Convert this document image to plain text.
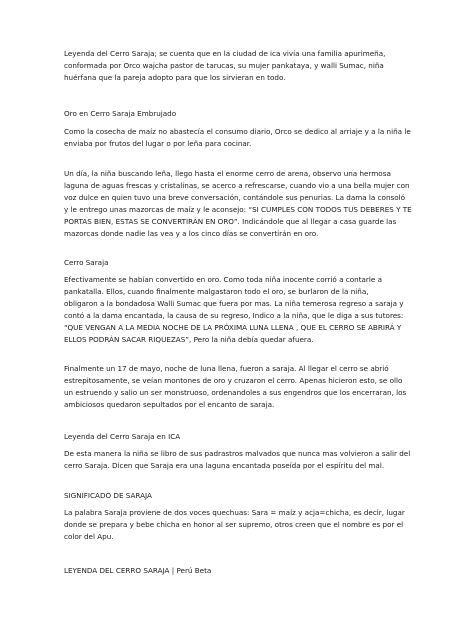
Leyenda del Cerro Saraja; se cuenta que en la ciudad de ica vivía una familia apurimeña,
conformada por Orco wajcha pastor de tarucas, su mujer pankataya, y walli Sumac, niña
huérfana que la pareja adopto para que los sirvieran en todo.

Oro en Cerro Saraja Embrujado

Como la cosecha de maíz no abastecía el consumo diario, Orco se dedico al arriaje y a la niña le
enviaba por frutos del lugar o por leña para cocinar.

Un día, la niña buscando leña, llego hasta el enorme cerro de arena, observo una hermosa
laguna de aguas frescas y cristalinas, se acerco a refrescarse, cuando vio a una bella mujer con
voz dulce en quien tuvo una breve conversación, contándole sus penurias. La dama la consoló
y le entrego unas mazorcas de maíz y le aconsejo: “SI CUMPLES CON TODOS TUS DEBERES Y TE
PORTAS BIEN, ESTAS SE CONVERTIRÁN EN ORO”. Indicándole que al llegar a casa guarde las
mazorcas donde nadie las vea y a los cinco días se convertirán en oro.

Cerro Saraja

Efectivamente se habían convertido en oro. Como toda niña inocente corrió a contarle a
pankatalla. Ellos, cuando finalmente malgastaron todo el oro, se burlaron de la niña,
obligaron a la bondadosa Walli Sumac que fuera por mas. La niña temerosa regreso a saraja y
contó a la dama encantada, la causa de su regreso, Indico a la niña, que le diga a sus tutores:
“QUE VENGAN A LA MEDIA NOCHE DE LA PRÓXIMA LUNA LLENA , QUE EL CERRO SE ABRIRÁ Y
ELLOS PODRÁN SACAR RIQUEZAS”, Pero la niña debía quedar afuera.

Finalmente un 17 de mayo, noche de luna llena, fueron a saraja. Al llegar el cerro se abrió
estrepitosamente, se veían montones de oro y cruzaron el cerro. Apenas hicieron esto, se ollo
un estruendo y salio un ser monstruoso, ordenandoles a sus engendros que los encerraran, los
ambiciosos quedaron sepultados por el encanto de saraja.

Leyenda del Cerro Saraja en ICA

De esta manera la niña se libro de sus padrastros malvados que nunca mas volvieron a salir del
cerro Saraja. Dicen que Saraja era una laguna encantada poseída por el espíritu del mal.

SIGNIFICADO DE SARAJA

La palabra Saraja proviene de dos voces quechuas: Sara = maíz y acja=chicha, es decir, lugar
donde se prepara y bebe chicha en honor al ser supremo, otros creen que el nombre es por el
color del Apu.

LEYENDA DEL CERRO SARAJA | Perú Beta
